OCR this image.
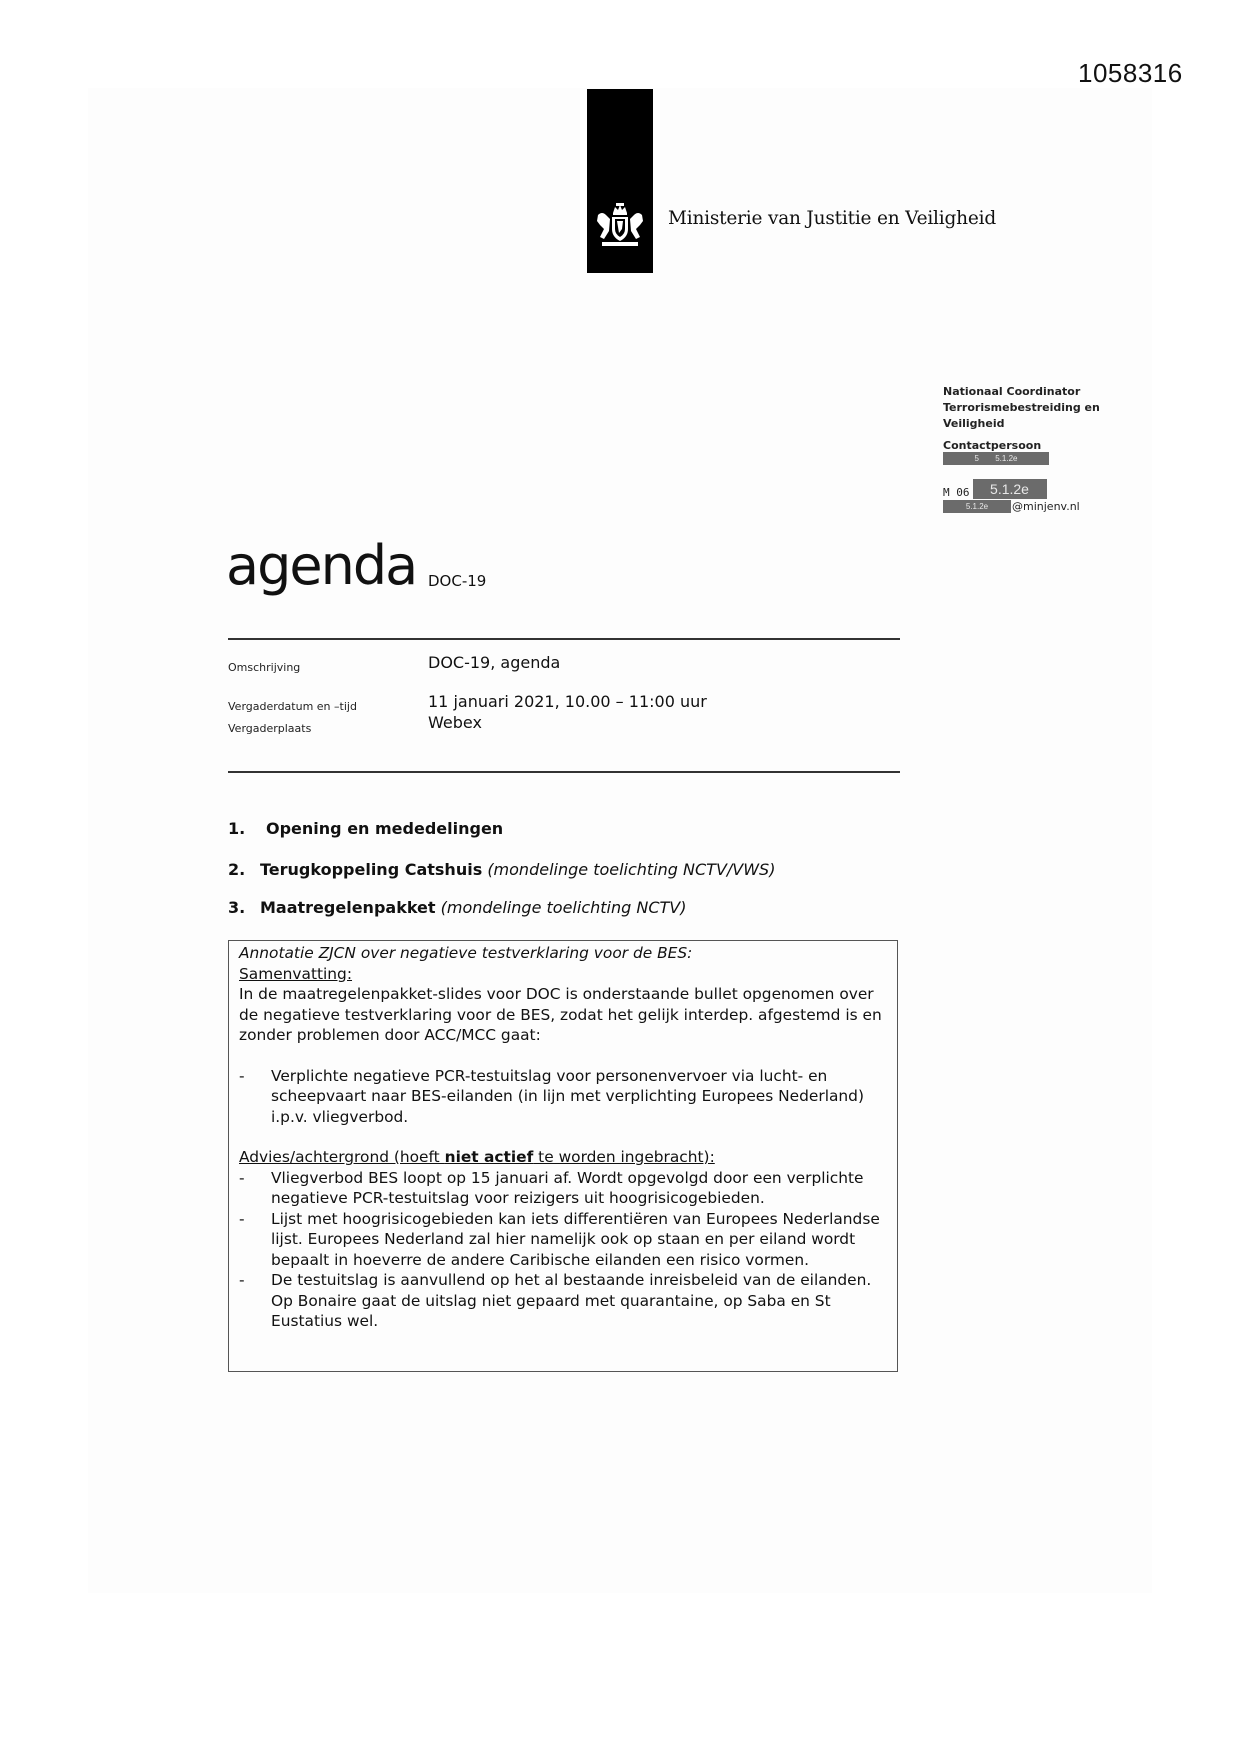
1058316
Ministerie van Justitie en Veiligheid
Nationaal Coordinator
Terrorismebestreiding en
Veiligheid
Contactpersoon
5 5.1.2e
M 06	5.1.2e
5.1.2e	@minjenv.nl
agenda DOC-19
Omschrijving	DOC-19, agenda
Vergaderdatum en –tijd	11 januari 2021, 10.00 – 11:00 uur
Vergaderplaats	Webex
1. Opening en mededelingen
2. Terugkoppeling Catshuis (mondelinge toelichting NCTV/VWS)
3. Maatregelenpakket (mondelinge toelichting NCTV)

Annotatie ZJCN over negatieve testverklaring voor de BES:

Samenvatting:

In de maatregelenpakket-slides voor DOC is onderstaande bullet opgenomen over de negatieve testverklaring voor de BES, zodat het gelijk interdep. afgestemd is en zonder problemen door ACC/MCC gaat:

-	Verplichte negatieve PCR-testuitslag voor personenvervoer via lucht- en scheepvaart naar BES-eilanden (in lijn met verplichting Europees Nederland) i.p.v. vliegverbod.

Advies/achtergrond (hoeft niet actief te worden ingebracht):

-	Vliegverbod BES loopt op 15 januari af. Wordt opgevolgd door een verplichte negatieve PCR-testuitslag voor reizigers uit hoogrisicogebieden.
-	Lijst met hoogrisicogebieden kan iets differentiëren van Europees Nederlandse lijst. Europees Nederland zal hier namelijk ook op staan en per eiland wordt bepaalt in hoeverre de andere Caribische eilanden een risico vormen.
-	De testuitslag is aanvullend op het al bestaande inreisbeleid van de eilanden. Op Bonaire gaat de uitslag niet gepaard met quarantaine, op Saba en St Eustatius wel.
